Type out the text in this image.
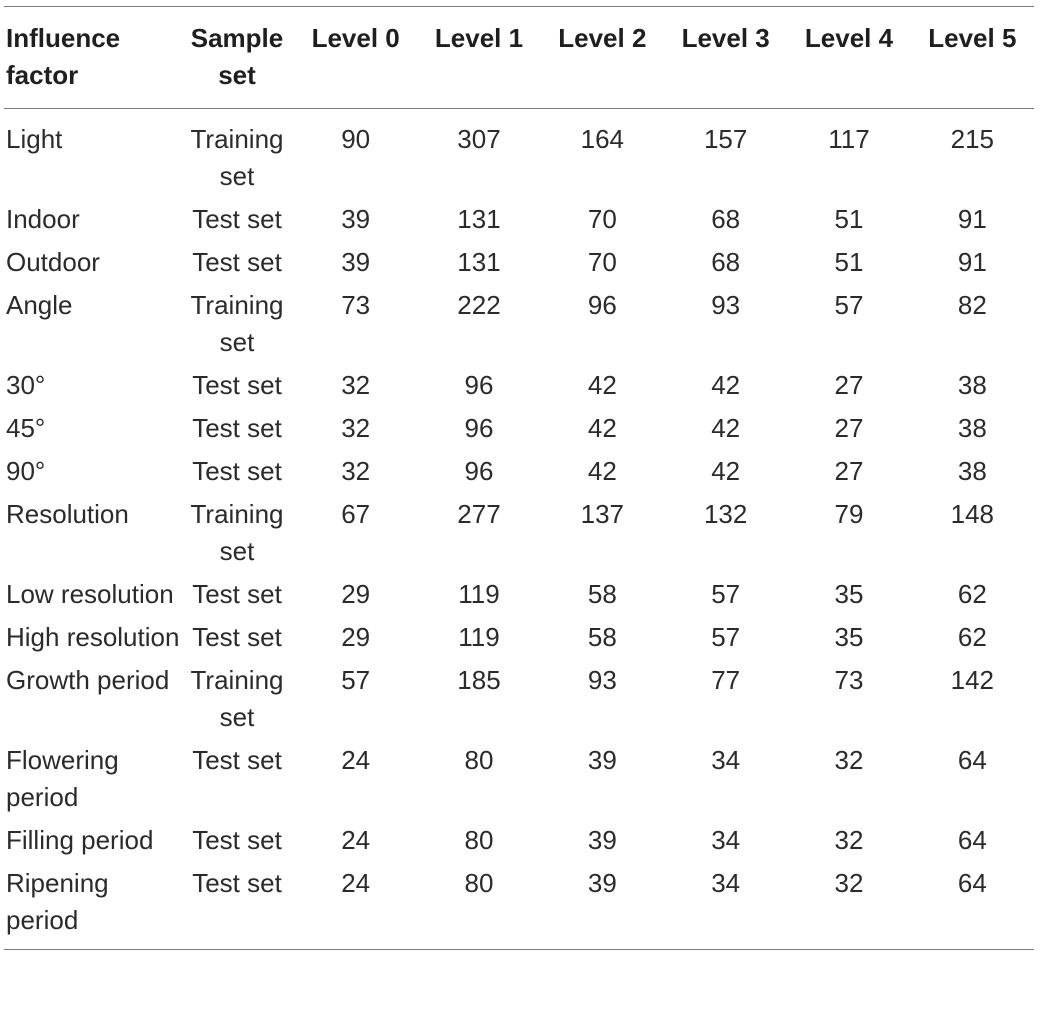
Influence factor	Sample set	Level 0	Level 1	Level 2	Level 3	Level 4	Level 5
Light	Training set	90	307	164	157	117	215
Indoor	Test set	39	131	70	68	51	91
Outdoor	Test set	39	131	70	68	51	91
Angle	Training set	73	222	96	93	57	82
30°	Test set	32	96	42	42	27	38
45°	Test set	32	96	42	42	27	38
90°	Test set	32	96	42	42	27	38
Resolution	Training set	67	277	137	132	79	148
Low resolution	Test set	29	119	58	57	35	62
High resolution	Test set	29	119	58	57	35	62
Growth period	Training set	57	185	93	77	73	142
Flowering period	Test set	24	80	39	34	32	64
Filling period	Test set	24	80	39	34	32	64
Ripening period	Test set	24	80	39	34	32	64
